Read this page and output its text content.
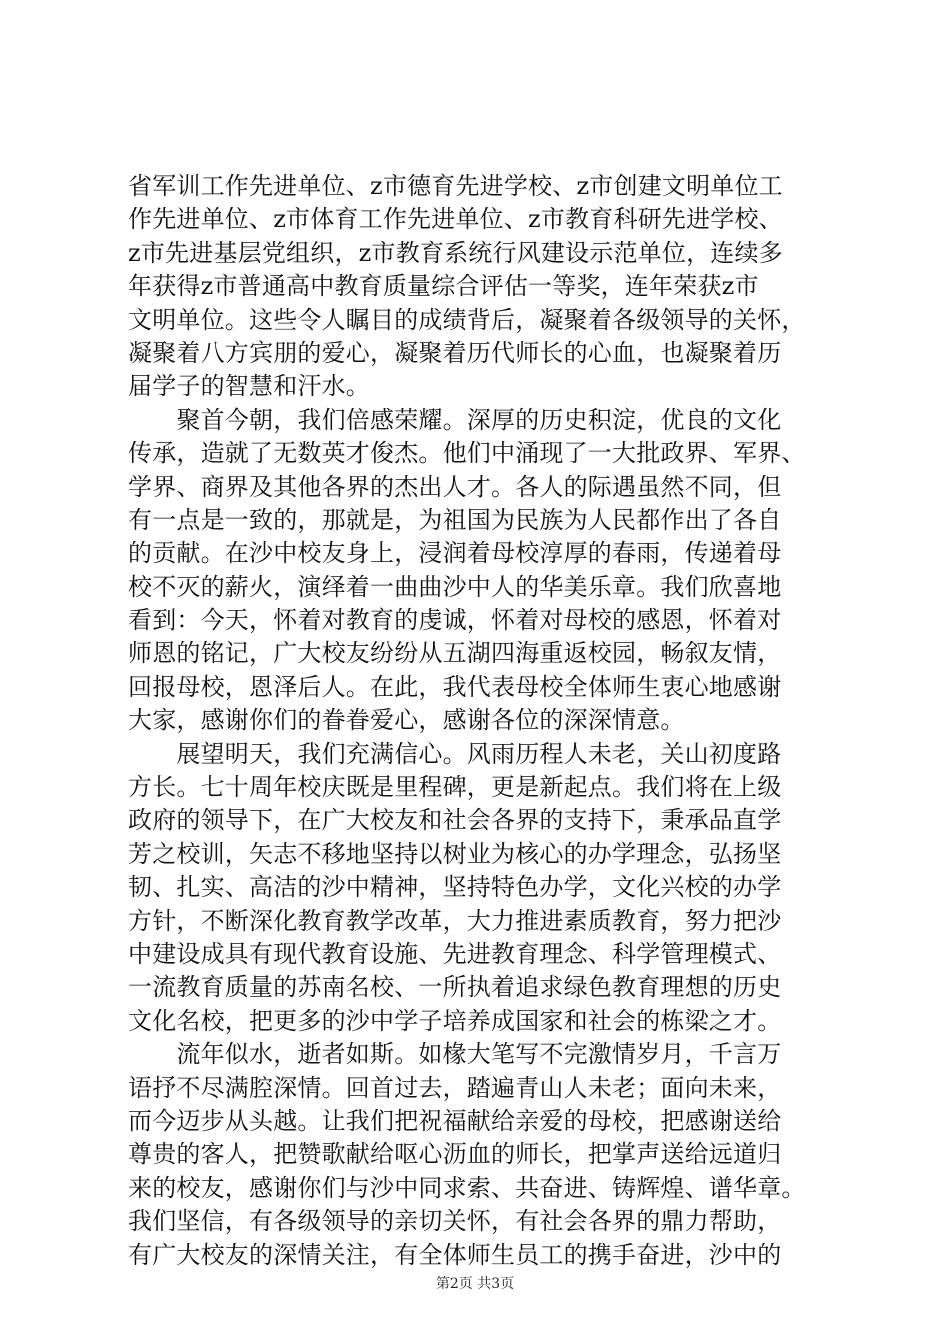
省军训工作先进单位、z市德育先进学校、z市创建文明单位工
作先进单位、z市体育工作先进单位、z市教育科研先进学校、
z市先进基层党组织，z市教育系统行风建设示范单位，连续多
年获得z市普通高中教育质量综合评估一等奖，连年荣获z市
文明单位。这些令人瞩目的成绩背后，凝聚着各级领导的关怀，
凝聚着八方宾朋的爱心，凝聚着历代师长的心血，也凝聚着历
届学子的智慧和汗水。
　　聚首今朝，我们倍感荣耀。深厚的历史积淀，优良的文化
传承，造就了无数英才俊杰。他们中涌现了一大批政界、军界、
学界、商界及其他各界的杰出人才。各人的际遇虽然不同，但
有一点是一致的，那就是，为祖国为民族为人民都作出了各自
的贡献。在沙中校友身上，浸润着母校淳厚的春雨，传递着母
校不灭的薪火，演绎着一曲曲沙中人的华美乐章。我们欣喜地
看到：今天，怀着对教育的虔诚，怀着对母校的感恩，怀着对
师恩的铭记，广大校友纷纷从五湖四海重返校园，畅叙友情，
回报母校，恩泽后人。在此，我代表母校全体师生衷心地感谢
大家，感谢你们的眷眷爱心，感谢各位的深深情意。
　　展望明天，我们充满信心。风雨历程人未老，关山初度路
方长。七十周年校庆既是里程碑，更是新起点。我们将在上级
政府的领导下，在广大校友和社会各界的支持下，秉承品直学
芳之校训，矢志不移地坚持以树业为核心的办学理念，弘扬坚
韧、扎实、高洁的沙中精神，坚持特色办学，文化兴校的办学
方针，不断深化教育教学改革，大力推进素质教育，努力把沙
中建设成具有现代教育设施、先进教育理念、科学管理模式、
一流教育质量的苏南名校、一所执着追求绿色教育理想的历史
文化名校，把更多的沙中学子培养成国家和社会的栋梁之才。
　　流年似水，逝者如斯。如椽大笔写不完激情岁月，千言万
语抒不尽满腔深情。回首过去，踏遍青山人未老；面向未来，
而今迈步从头越。让我们把祝福献给亲爱的母校，把感谢送给
尊贵的客人，把赞歌献给呕心沥血的师长，把掌声送给远道归
来的校友，感谢你们与沙中同求索、共奋进、铸辉煌、谱华章。
我们坚信，有各级领导的亲切关怀，有社会各界的鼎力帮助，
有广大校友的深情关注，有全体师生员工的携手奋进，沙中的
第2页 共3页
